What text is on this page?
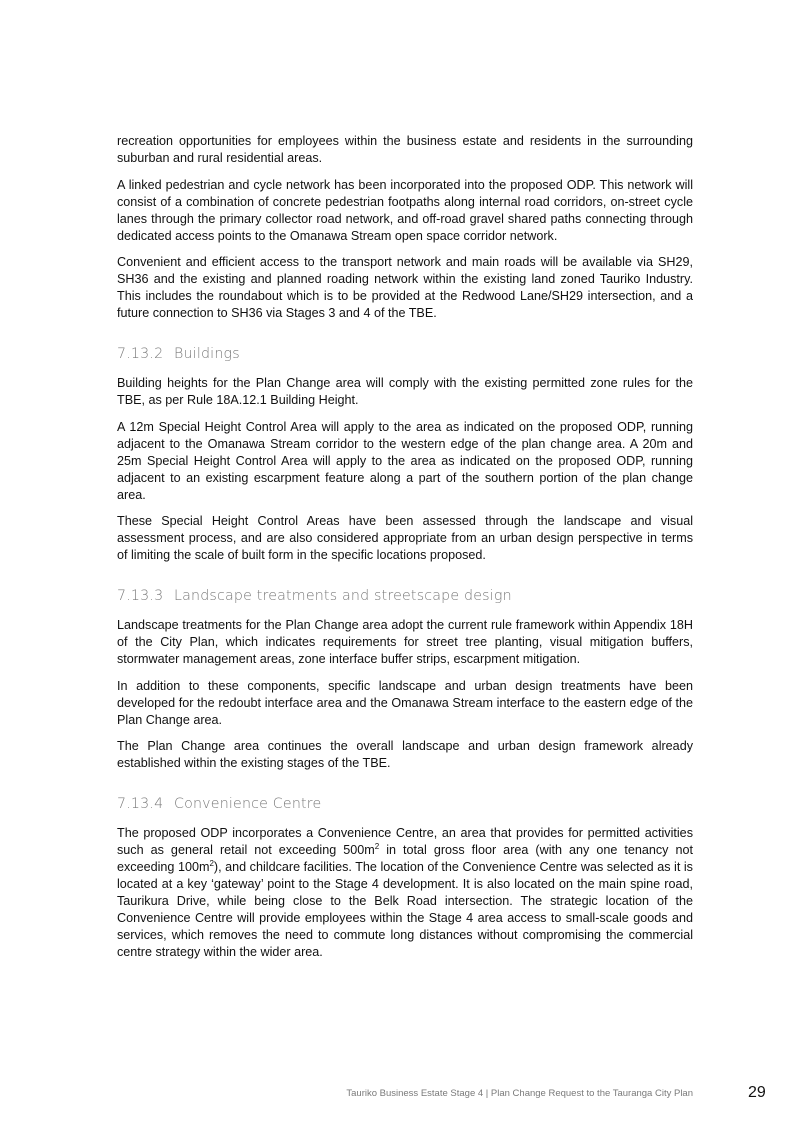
recreation opportunities for employees within the business estate and residents in the surrounding suburban and rural residential areas.

A linked pedestrian and cycle network has been incorporated into the proposed ODP. This network will consist of a combination of concrete pedestrian footpaths along internal road corridors, on-street cycle lanes through the primary collector road network, and off-road gravel shared paths connecting through dedicated access points to the Omanawa Stream open space corridor network.

Convenient and efficient access to the transport network and main roads will be available via SH29, SH36 and the existing and planned roading network within the existing land zoned Tauriko Industry. This includes the roundabout which is to be provided at the Redwood Lane/SH29 intersection, and a future connection to SH36 via Stages 3 and 4 of the TBE.

7.13.2 Buildings

Building heights for the Plan Change area will comply with the existing permitted zone rules for the TBE, as per Rule 18A.12.1 Building Height.

A 12m Special Height Control Area will apply to the area as indicated on the proposed ODP, running adjacent to the Omanawa Stream corridor to the western edge of the plan change area. A 20m and 25m Special Height Control Area will apply to the area as indicated on the proposed ODP, running adjacent to an existing escarpment feature along a part of the southern portion of the plan change area.

These Special Height Control Areas have been assessed through the landscape and visual assessment process, and are also considered appropriate from an urban design perspective in terms of limiting the scale of built form in the specific locations proposed.

7.13.3 Landscape treatments and streetscape design

Landscape treatments for the Plan Change area adopt the current rule framework within Appendix 18H of the City Plan, which indicates requirements for street tree planting, visual mitigation buffers, stormwater management areas, zone interface buffer strips, escarpment mitigation.

In addition to these components, specific landscape and urban design treatments have been developed for the redoubt interface area and the Omanawa Stream interface to the eastern edge of the Plan Change area.

The Plan Change area continues the overall landscape and urban design framework already established within the existing stages of the TBE.

7.13.4 Convenience Centre

The proposed ODP incorporates a Convenience Centre, an area that provides for permitted activities such as general retail not exceeding $500m^2$ in total gross floor area (with any one tenancy not exceeding $100m^2$), and childcare facilities. The location of the Convenience Centre was selected as it is located at a key ‘gateway’ point to the Stage 4 development. It is also located on the main spine road, Taurikura Drive, while being close to the Belk Road intersection. The strategic location of the Convenience Centre will provide employees within the Stage 4 area access to small-scale goods and services, which removes the need to commute long distances without compromising the commercial centre strategy within the wider area.

Tauriko Business Estate Stage 4 | Plan Change Request to the Tauranga City Plan	29
